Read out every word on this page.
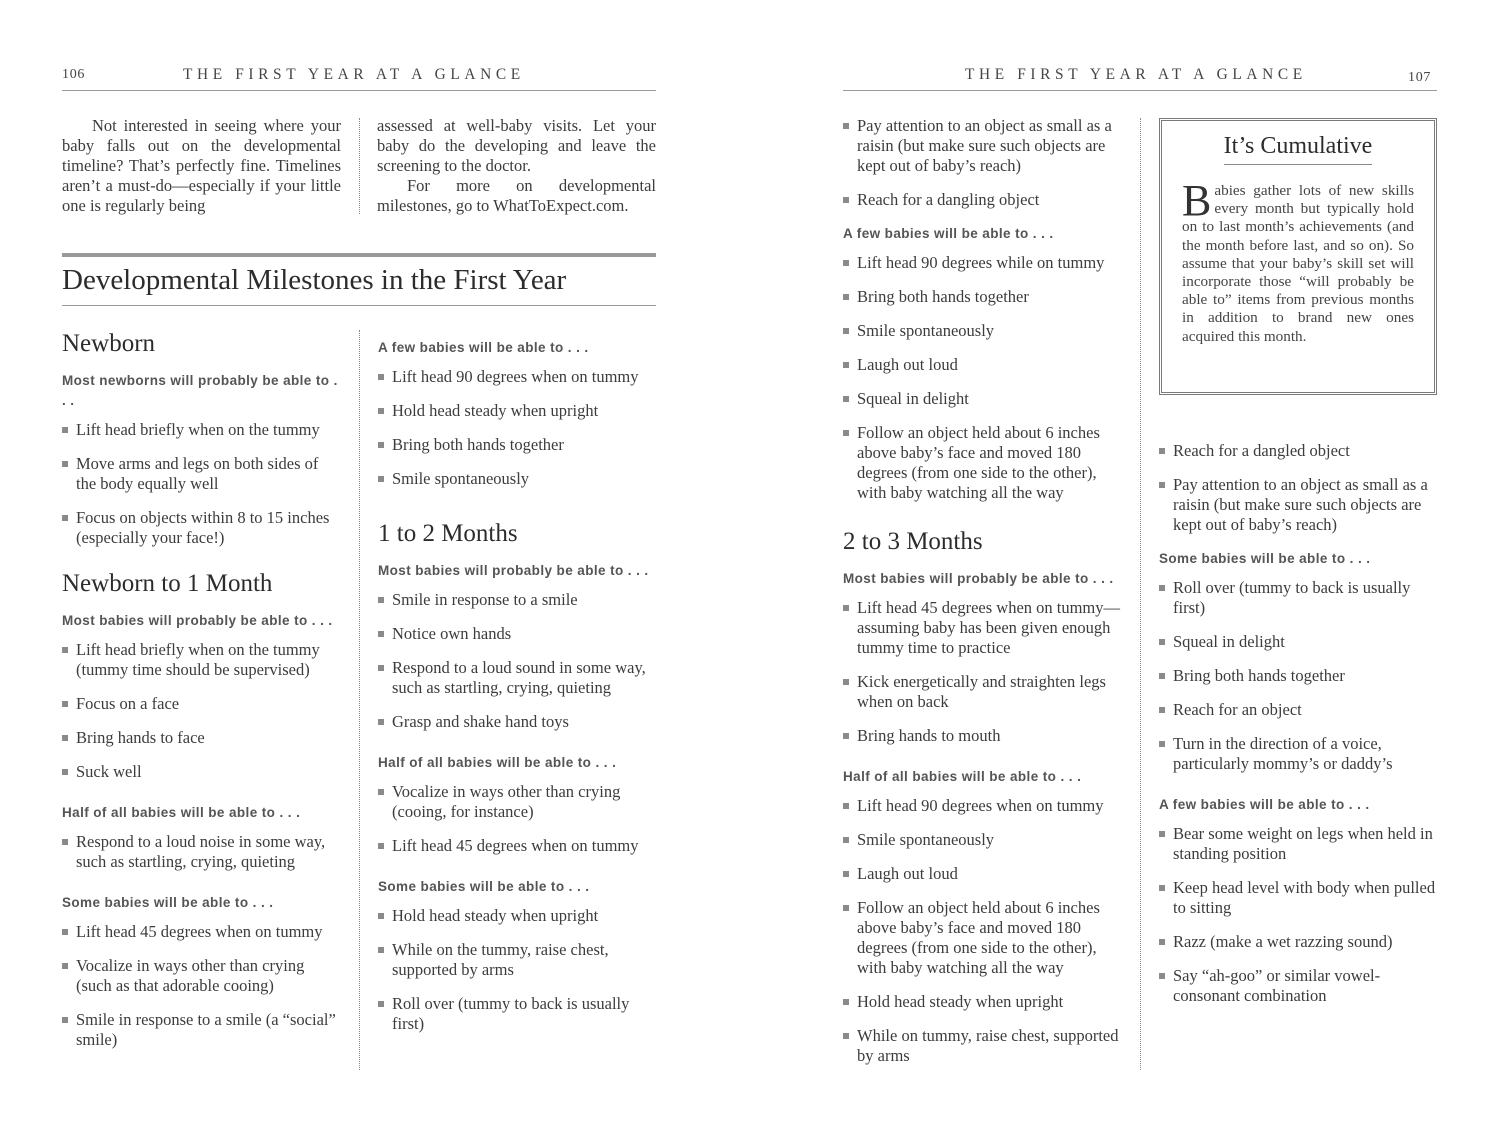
106	THE FIRST YEAR AT A GLANCE	THE FIRST YEAR AT A GLANCE	107

Not interested in seeing where your baby falls out on the developmental timeline? That’s perfectly fine. Timelines aren’t a must-do—especially if your little one is regularly being

assessed at well-baby visits. Let your baby do the developing and leave the screening to the doctor.

For more on developmental milestones, go to WhatToExpect.com.

Developmental Milestones in the First Year
Newborn
Most newborns will probably be able to . . .
Lift head briefly when on the tummy
Move arms and legs on both sides of the body equally well
Focus on objects within 8 to 15 inches (especially your face!)
Newborn to 1 Month
Most babies will probably be able to . . .
Lift head briefly when on the tummy (tummy time should be supervised)
Focus on a face
Bring hands to face
Suck well
Half of all babies will be able to . . .
Respond to a loud noise in some way, such as startling, crying, quieting
Some babies will be able to . . .
Lift head 45 degrees when on tummy
Vocalize in ways other than crying (such as that adorable cooing)
Smile in response to a smile (a “social” smile)
A few babies will be able to . . .
Lift head 90 degrees when on tummy
Hold head steady when upright
Bring both hands together
Smile spontaneously
1 to 2 Months
Most babies will probably be able to . . .
Smile in response to a smile
Notice own hands
Respond to a loud sound in some way, such as startling, crying, quieting
Grasp and shake hand toys
Half of all babies will be able to . . .
Vocalize in ways other than crying (cooing, for instance)
Lift head 45 degrees when on tummy
Some babies will be able to . . .
Hold head steady when upright
While on the tummy, raise chest, supported by arms
Roll over (tummy to back is usually first)
Pay attention to an object as small as a raisin (but make sure such objects are kept out of baby’s reach)
Reach for a dangling object
A few babies will be able to . . .
Lift head 90 degrees while on tummy
Bring both hands together
Smile spontaneously
Laugh out loud
Squeal in delight
Follow an object held about 6 inches above baby’s face and moved 180 degrees (from one side to the other), with baby watching all the way
2 to 3 Months
Most babies will probably be able to . . .
Lift head 45 degrees when on tummy—assuming baby has been given enough tummy time to practice
Kick energetically and straighten legs when on back
Bring hands to mouth
Half of all babies will be able to . . .
Lift head 90 degrees when on tummy
Smile spontaneously
Laugh out loud
Follow an object held about 6 inches above baby’s face and moved 180 degrees (from one side to the other), with baby watching all the way
Hold head steady when upright
While on tummy, raise chest, supported by arms
It’s Cumulative

Babies gather lots of new skills every month but typically hold on to last month’s achievements (and the month before last, and so on). So assume that your baby’s skill set will incorporate those “will probably be able to” items from previous months in addition to brand new ones acquired this month.

Reach for a dangled object
Pay attention to an object as small as a raisin (but make sure such objects are kept out of baby’s reach)
Some babies will be able to . . .
Roll over (tummy to back is usually first)
Squeal in delight
Bring both hands together
Reach for an object
Turn in the direction of a voice, particularly mommy’s or daddy’s
A few babies will be able to . . .
Bear some weight on legs when held in standing position
Keep head level with body when pulled to sitting
Razz (make a wet razzing sound)
Say “ah-goo” or similar vowel-consonant combination
